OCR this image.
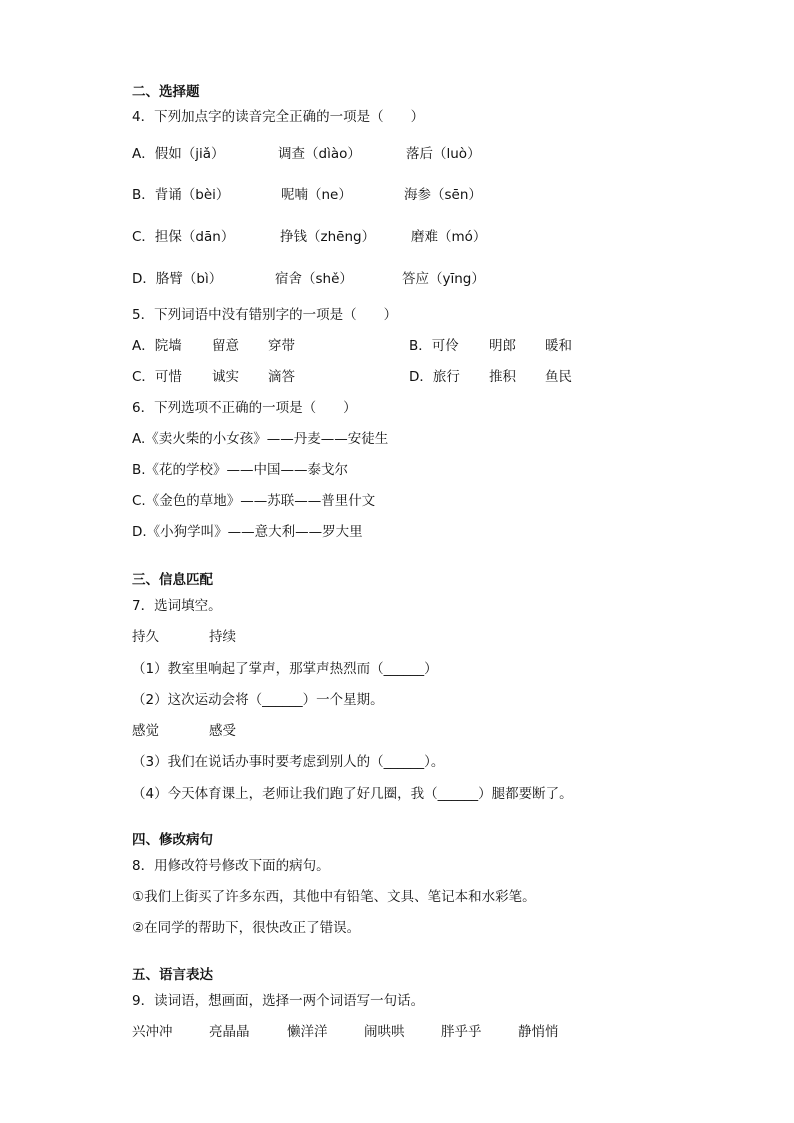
二、选择题
4．下列加点字的读音完全正确的一项是（　　）
A．假如（jiǎ）	调查（dìào）	落后（luò）
B．背诵（bèi）	呢喃（ne）	海参（sēn）
C．担保（dān）	挣钱（zhēng）	磨难（mó）
D．胳臂（bì）	宿舍（shě）	答应（yīng）
5．下列词语中没有错别字的一项是（　　）
A．院墙 留意 穿带	B．可伶 明郎 暖和
C．可惜 诚实 滴答	D．旅行 推积 鱼民
6．下列选项不正确的一项是（　　）
A.《卖火柴的小女孩》——丹麦——安徒生
B.《花的学校》——中国——泰戈尔
C.《金色的草地》——苏联——普里什文
D.《小狗学叫》——意大利——罗大里
三、信息匹配
7．选词填空。
持久	持续
（1）教室里响起了掌声，那掌声热烈而（______）
（2）这次运动会将（______）一个星期。
感觉	感受
（3）我们在说话办事时要考虑到别人的（______）。
（4）今天体育课上，老师让我们跑了好几圈，我（______）腿都要断了。
四、修改病句
8．用修改符号修改下面的病句。
①我们上街买了许多东西，其他中有铅笔、文具、笔记本和水彩笔。
②在同学的帮助下，很快改正了错误。
五、语言表达
9．读词语，想画面，选择一两个词语写一句话。
兴冲冲	亮晶晶	懒洋洋	闹哄哄	胖乎乎	静悄悄
